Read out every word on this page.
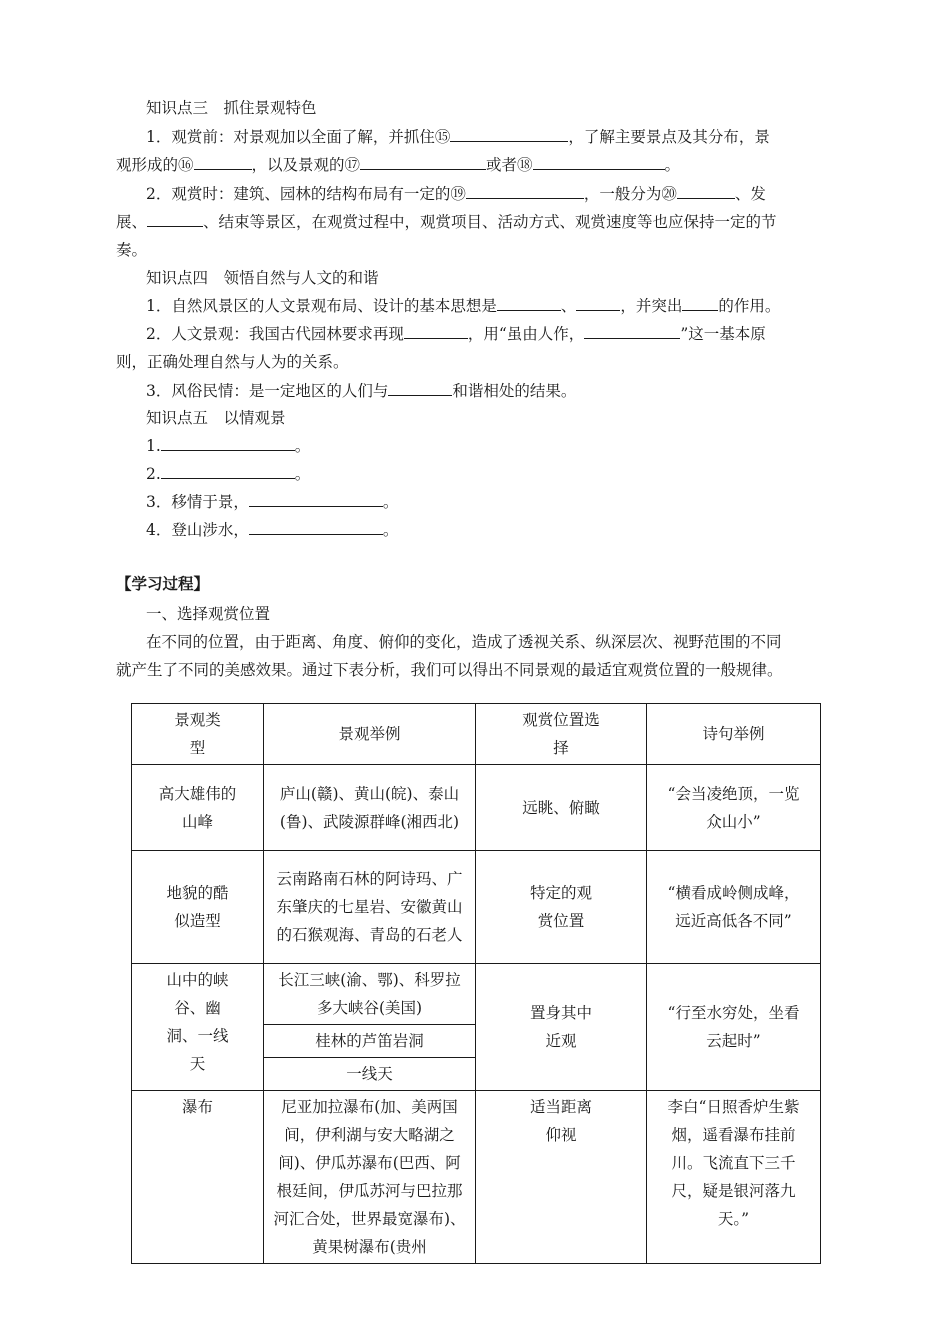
知识点三　抓住景观特色
1．观赏前：对景观加以全面了解，并抓住⑮	，了解主要景点及其分布，景
观形成的⑯	，以及景观的⑰	或者⑱	。
2．观赏时：建筑、园林的结构布局有一定的⑲	，一般分为⑳	、发
展、	、结束等景区，在观赏过程中，观赏项目、活动方式、观赏速度等也应保持一定的节
奏。
知识点四　领悟自然与人文的和谐
1．自然风景区的人文景观布局、设计的基本思想是	、	，并突出 的作用。
2．人文景观：我国古代园林要求再现	，用“虽由人作，	”这一基本原
则，正确处理自然与人为的关系。
3．风俗民情：是一定地区的人们与	和谐相处的结果。
知识点五　以情观景
1.	。
2.	。
3．移情于景，	。
4．登山涉水，	。
【学习过程】
一、选择观赏位置
在不同的位置，由于距离、角度、俯仰的变化，造成了透视关系、纵深层次、视野范围的不同
就产生了不同的美感效果。通过下表分析，我们可以得出不同景观的最适宜观赏位置的一般规律。
景观类型	景观举例	观赏位置选择	诗句举例

高大雄伟的山峰	庐山(赣)、黄山(皖)、泰山(鲁)、武陵源群峰(湘西北)	远眺、俯瞰	“会当凌绝顶，一览众山小”

地貌的酷似造型	云南路南石林的阿诗玛、广东肇庆的七星岩、安徽黄山的石猴观海、青岛的石老人	特定的观赏位置	“横看成岭侧成峰，远近高低各不同”

山中的峡谷、幽洞、一线天	长江三峡(渝、鄂)、科罗拉多大峡谷(美国)	置身其中近观	“行至水穷处，坐看云起时”

	桂林的芦笛岩洞		

	一线天		

瀑布	尼亚加拉瀑布(加、美两国间，伊利湖与安大略湖之间)、伊瓜苏瀑布(巴西、阿根廷间，伊瓜苏河与巴拉那河汇合处，世界最宽瀑布)、黄果树瀑布(贵州	适当距离仰视	李白“日照香炉生紫烟，遥看瀑布挂前川。飞流直下三千尺，疑是银河落九天。”
